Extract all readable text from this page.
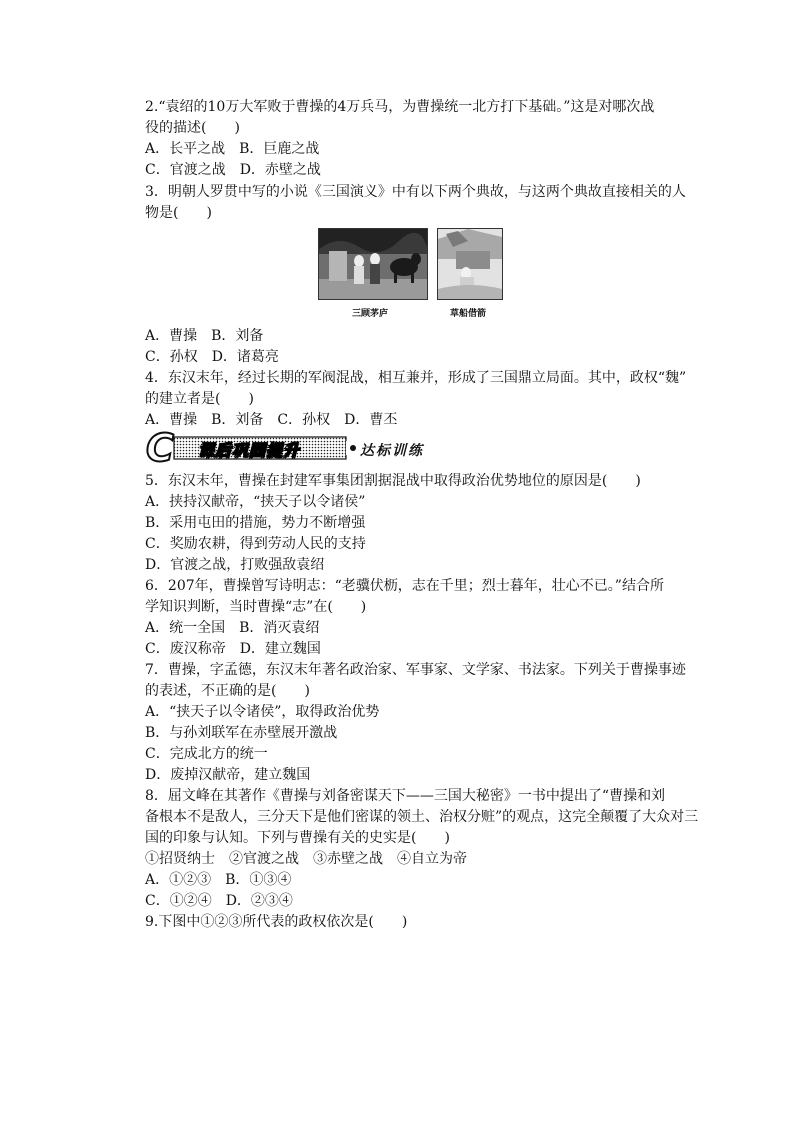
2.“袁绍的10万大军败于曹操的4万兵马，为曹操统一北方打下基础。”这是对哪次战
役的描述(　　)
A．长平之战　B．巨鹿之战
C．官渡之战　D．赤壁之战
3．明朝人罗贯中写的小说《三国演义》中有以下两个典故，与这两个典故直接相关的人
物是(　　)
三顾茅庐	草船借箭
A．曹操　B．刘备
C．孙权　D．诸葛亮
4．东汉末年，经过长期的军阀混战，相互兼并，形成了三国鼎立局面。其中，政权“魏”
的建立者是(　　)
A．曹操　B．刘备　C．孙权　D．曹丕
C 课后巩固提升	达标训练
5．东汉末年，曹操在封建军事集团割据混战中取得政治优势地位的原因是(　　)
A．挟持汉献帝，“挟天子以令诸侯”
B．采用屯田的措施，势力不断增强
C．奖励农耕，得到劳动人民的支持
D．官渡之战，打败强敌袁绍
6．207年，曹操曾写诗明志：“老骥伏枥，志在千里；烈士暮年，壮心不已。”结合所
学知识判断，当时曹操“志”在(　　)
A．统一全国　B．消灭袁绍
C．废汉称帝　D．建立魏国
7．曹操，字孟德，东汉末年著名政治家、军事家、文学家、书法家。下列关于曹操事迹
的表述，不正确的是(　　)
A．“挟天子以令诸侯”，取得政治优势
B．与孙刘联军在赤壁展开激战
C．完成北方的统一
D．废掉汉献帝，建立魏国
8．屈文峰在其著作《曹操与刘备密谋天下——三国大秘密》一书中提出了“曹操和刘
备根本不是敌人，三分天下是他们密谋的领土、治权分赃”的观点，这完全颠覆了大众对三
国的印象与认知。下列与曹操有关的史实是(　　)
①招贤纳士　②官渡之战　③赤壁之战　④自立为帝
A．①②③　B．①③④
C．①②④　D．②③④
9.下图中①②③所代表的政权依次是(　　)
